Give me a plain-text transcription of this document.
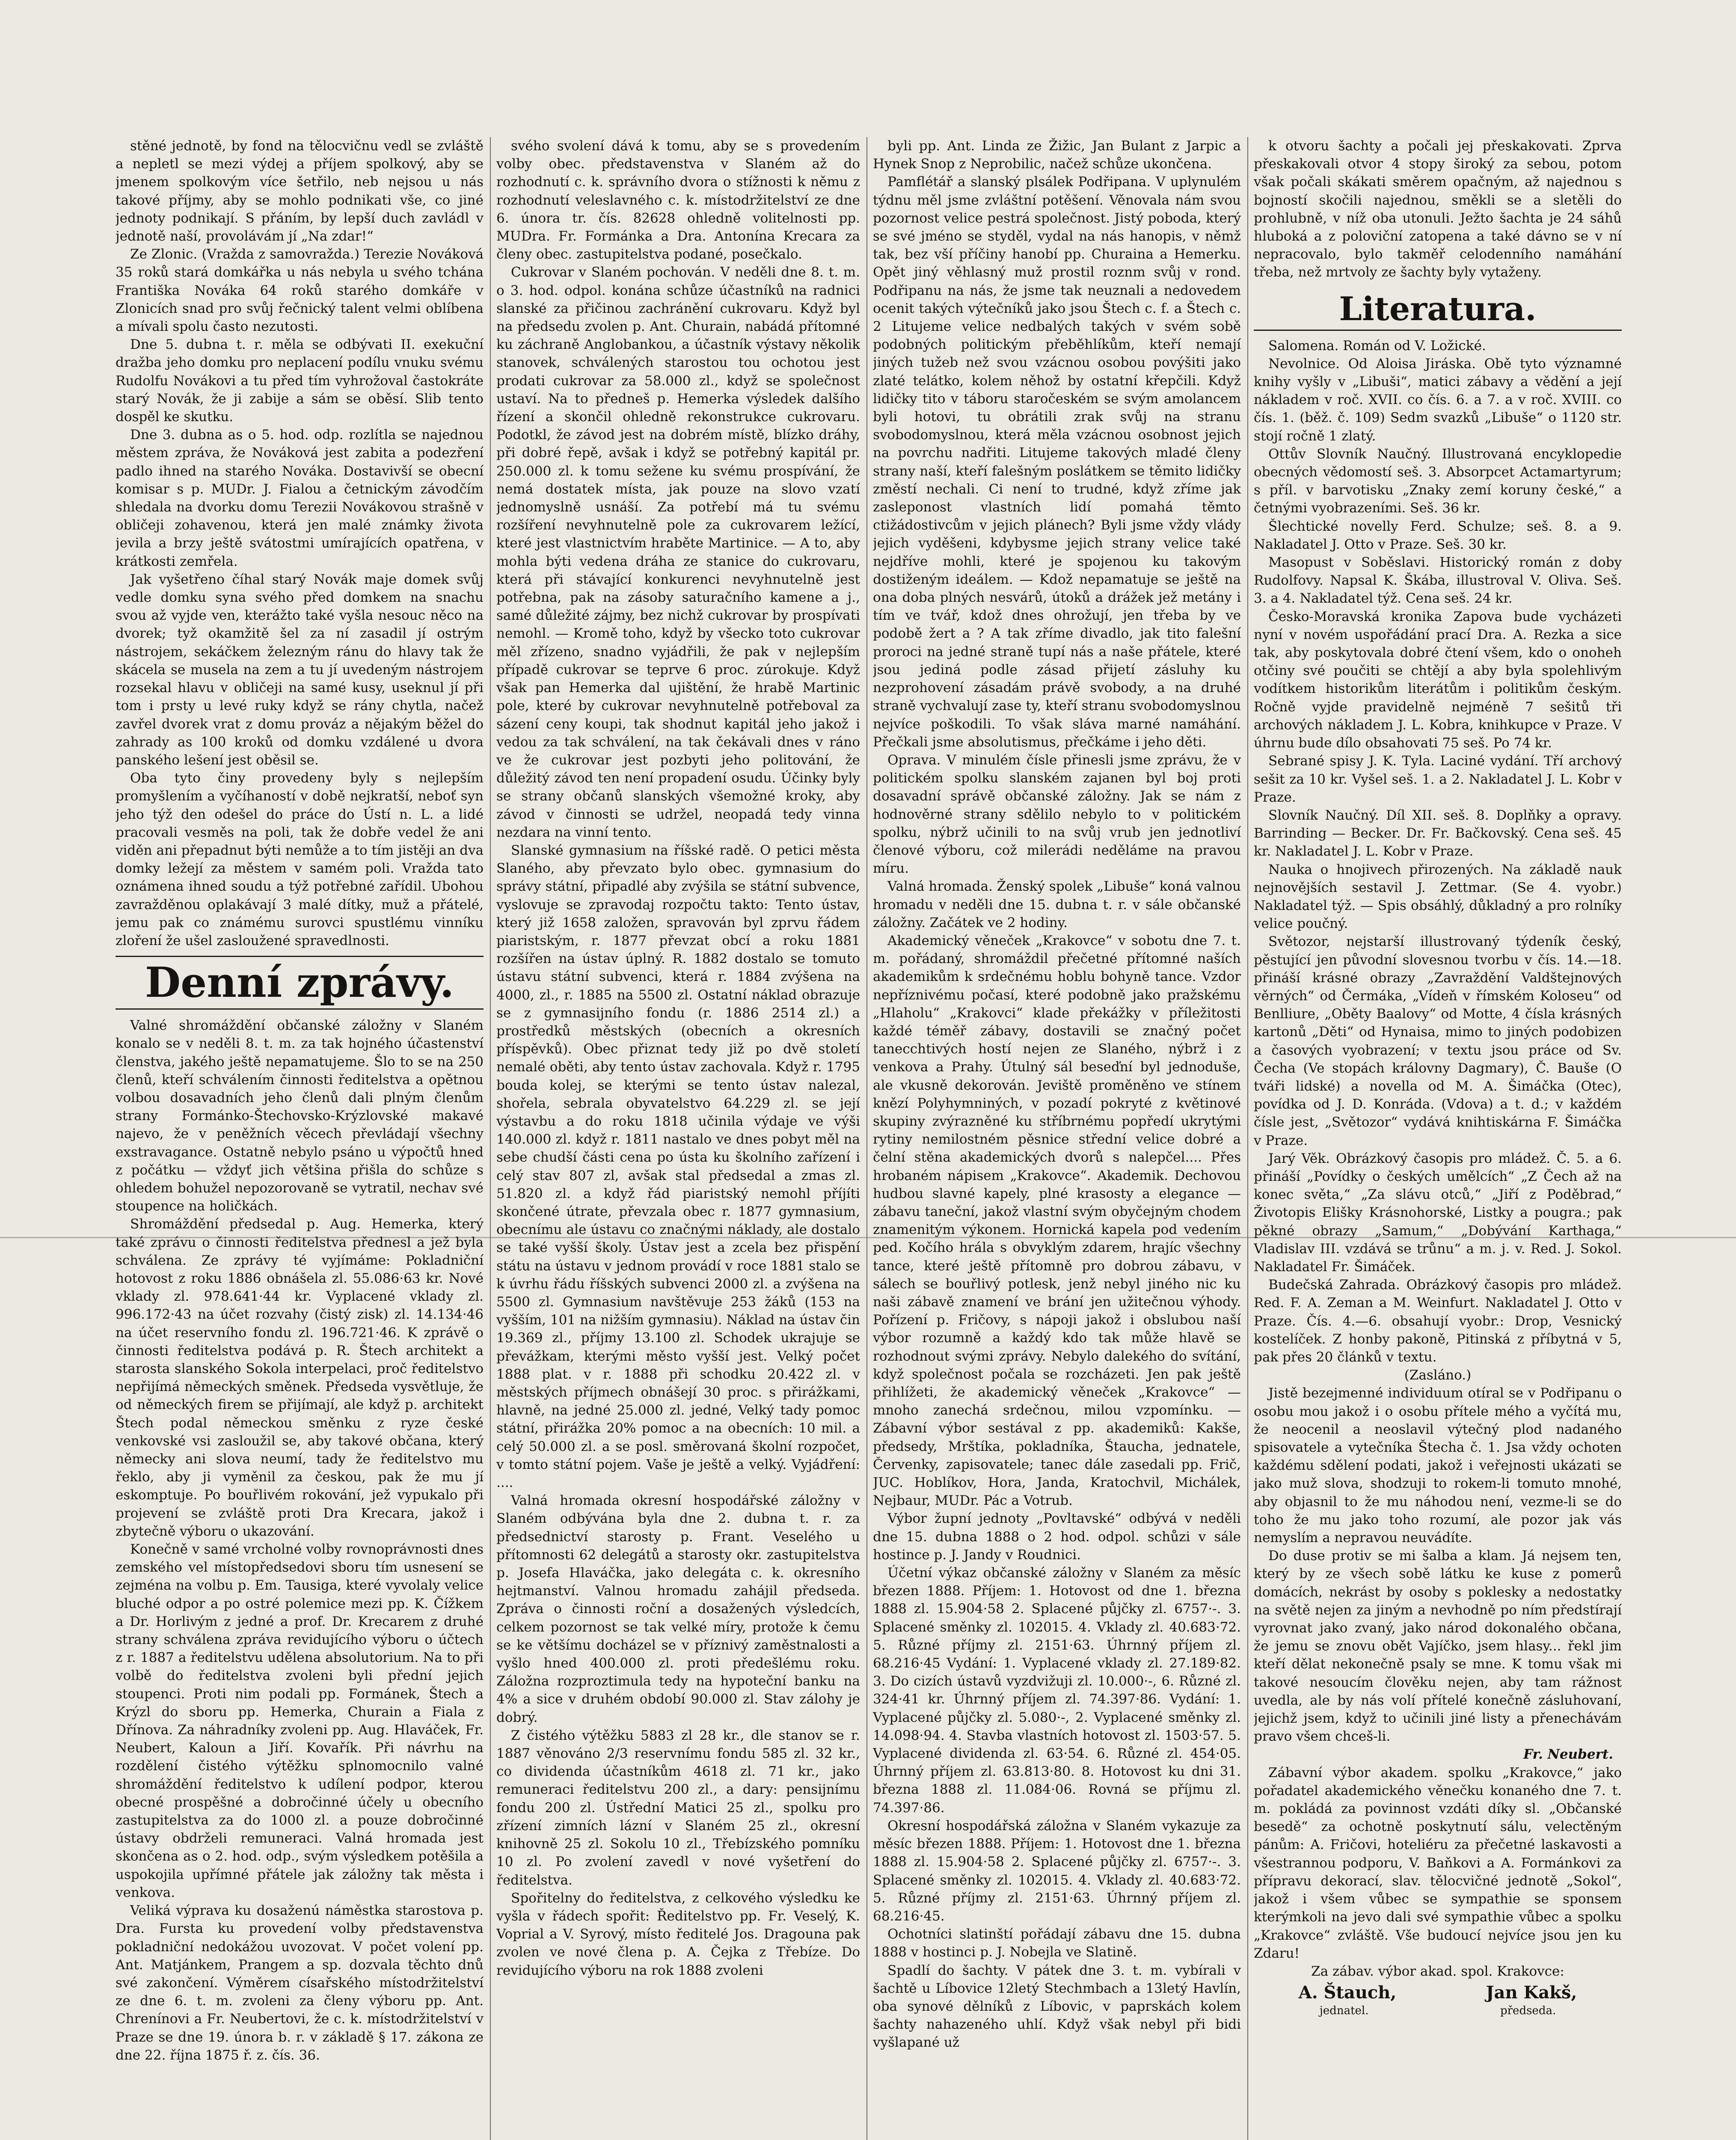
stěné jednotě, by fond na tělocvičnu vedl se zvláště a nepletl se mezi výdej a příjem spolkový, aby se jmenem spolkovým více šetřilo, neb nejsou u nás takové příjmy, aby se mohlo podnikati vše, co jiné jednoty podnikají. S přáním, by lepší duch zavládl v jednotě naší, provolávám jí „Na zdar!“

Ze Zlonic. (Vražda z samovražda.) Terezie Nováková 35 roků stará domkářka u nás nebyla u svého tchána Františka Nováka 64 roků starého domkáře v Zlonicích snad pro svůj řečnický talent velmi oblíbena a mívali spolu často nezutosti.

Dne 5. dubna t. r. měla se odbývati II. exekuční dražba jeho domku pro neplacení podílu vnuku svému Rudolfu Novákovi a tu před tím vyhrožoval častokráte starý Novák, že ji zabije a sám se oběsí. Slib tento dospěl ke skutku.

Dne 3. dubna as o 5. hod. odp. rozlítla se najednou městem zpráva, že Nováková jest zabita a podezření padlo ihned na starého Nováka. Dostavivší se obecní komisar s p. MUDr. J. Fialou a četnickým závodčím shledala na dvorku domu Terezii Novákovou strašně v obličeji zohavenou, která jen malé známky života jevila a brzy ještě svátostmi umírajících opatřena, v krátkosti zemřela.

Jak vyšetřeno číhal starý Novák maje domek svůj vedle domku syna svého před domkem na snachu svou až vyjde ven, kterážto také vyšla nesouc něco na dvorek; tyž okamžitě šel za ní zasadil jí ostrým nástrojem, sekáčkem železným ránu do hlavy tak že skácela se musela na zem a tu jí uvedeným nástrojem rozsekal hlavu v obličeji na samé kusy, useknul jí při tom i prsty u levé ruky když se rány chytla, načež zavřel dvorek vrat z domu prováz a nějakým běžel do zahrady as 100 kroků od domku vzdálené u dvora panského lešení jest oběsil se.

Oba tyto činy provedeny byly s nejlepším promyšlením a vyčíhaností v době nejkratší, neboť syn jeho týž den odešel do práce do Ústí n. L. a lidé pracovali vesměs na poli, tak že dobře vedel že ani viděn ani přepadnut býti nemůže a to tím jistěji an dva domky ležejí za městem v samém poli. Vražda tato oznámena ihned soudu a týž potřebné zařídil. Ubohou zavražděnou oplakávají 3 malé dítky, muž a přátelé, jemu pak co známému surovci spustlému vinníku zloření že ušel zasloužené spravedlnosti.

Denní zprávy.

Valné shromáždění občanské záložny v Slaném konalo se v neděli 8. t. m. za tak hojného účastenství členstva, jakého ještě nepamatujeme. Šlo to se na 250 členů, kteří schválením činnosti ředitelstva a opětnou volbou dosavadních jeho členů dali plným členům strany Formánko-Štechovsko-Krýzlovské makavé najevo, že v peněžních věcech převládají všechny exstravagance. Ostatně nebylo psáno u výpočtů hned z počátku — vždyť jich většina přišla do schůze s ohledem bohužel nepozorovaně se vytratil, nechav své stoupence na holičkách.

Shromáždění předsedal p. Aug. Hemerka, který také zprávu o činnosti ředitelstva přednesl a jež byla schválena. Ze zprávy té vyjímáme: Pokladniční hotovost z roku 1886 obnášela zl. 55.086·63 kr. Nové vklady zl. 978.641·44 kr. Vyplacené vklady zl. 996.172·43 na účet rozvahy (čistý zisk) zl. 14.134·46 na účet reservního fondu zl. 196.721·46. K zprávě o činnosti ředitelstva podává p. R. Štech architekt a starosta slanského Sokola interpelaci, proč ředitelstvo nepřijímá německých směnek. Předseda vysvětluje, že od německých firem se přijímají, ale když p. architekt Štech podal německou směnku z ryze české venkovské vsi zasloužil se, aby takové občana, který německy ani slova neumí, tady že ředitelstvo mu řeklo, aby ji vyměnil za českou, pak že mu jí eskomptuje. Po bouřlivém rokování, jež vypukalo při projevení se zvláště proti Dra Krecara, jakož i zbytečně výboru o ukazování.

Konečně v samé vrcholné volby rovnoprávnosti dnes zemského vel místopředsedovi sboru tím usnesení se zejména na volbu p. Em. Tausiga, které vyvolaly velice bluché odpor a po ostré polemice mezi pp. K. Čížkem a Dr. Horlivým z jedné a prof. Dr. Krecarem z druhé strany schválena zpráva revidujícího výboru o účtech z r. 1887 a ředitelstvu udělena absolutorium. Na to při volbě do ředitelstva zvoleni byli přední jejich stoupenci. Proti nim podali pp. Formánek, Štech a Krýzl do sboru pp. Hemerka, Churain a Fiala z Dřínova. Za náhradníky zvoleni pp. Aug. Hlaváček, Fr. Neubert, Kaloun a Jiří. Kovařík. Při návrhu na rozdělení čistého výtěžku splnomocnilo valné shromáždění ředitelstvo k udílení podpor, kterou obecné prospěšné a dobročinné účely u obecního zastupitelstva za do 1000 zl. a pouze dobročinné ústavy obdrželi remuneraci. Valná hromada jest skončena as o 2. hod. odp., svým výsledkem potěšila a uspokojila upřímné přátele jak záložny tak města i venkova.

Veliká výprava ku dosaženú náměstka starostova p. Dra. Fursta ku provedení volby představenstva pokladniční nedokážou uvozovat. V počet volení pp. Ant. Matjánkem, Prangem a sp. dozvala těchto dnů své zakončení. Výměrem císařského místodržitelství ze dne 6. t. m. zvoleni za členy výboru pp. Ant. Chrenínovi a Fr. Neubertovi, že c. k. místodržitelství v Praze se dne 19. února b. r. v základě § 17. zákona ze dne 22. října 1875 ř. z. čís. 36.

svého svolení dává k tomu, aby se s provedením volby obec. představenstva v Slaném až do rozhodnutí c. k. správního dvora o stížnosti k němu z rozhodnutí veleslavného c. k. místodržitelství ze dne 6. února tr. čís. 82628 ohledně volitelnosti pp. MUDra. Fr. Formánka a Dra. Antonína Krecara za členy obec. zastupitelstva podané, posečkalo.

Cukrovar v Slaném pochován. V neděli dne 8. t. m. o 3. hod. odpol. konána schůze účastníků na radnici slanské za přičinou zachránění cukrovaru. Když byl na předsedu zvolen p. Ant. Churain, nabádá přítomné ku záchraně Anglobankou, a účastník výstavy několik stanovek, schválených starostou tou ochotou jest prodati cukrovar za 58.000 zl., když se společnost ustaví. Na to předneš p. Hemerka výsledek dalšího řízení a skončil ohledně rekonstrukce cukrovaru. Podotkl, že závod jest na dobrém místě, blízko dráhy, při dobré řepě, avšak i když se potřebný kapitál pr. 250.000 zl. k tomu sežene ku svému prospívání, že nemá dostatek místa, jak pouze na slovo vzatí jednomyslně usnáší. Za potřebí má tu svému rozšíření nevyhnutelně pole za cukrovarem ležící, které jest vlastnictvím hraběte Martinice. — A to, aby mohla býti vedena dráha ze stanice do cukrovaru, která při stávající konkurenci nevyhnutelně jest potřebna, pak na zásoby saturačního kamene a j., samé důležité zájmy, bez nichž cukrovar by prospívati nemohl. — Kromě toho, když by všecko toto cukrovar měl zřízeno, snadno vyjádřili, že pak v nejlepším případě cukrovar se teprve 6 proc. zúrokuje. Když však pan Hemerka dal ujištění, že hrabě Martinic pole, které by cukrovar nevyhnutelně potřeboval za sázení ceny koupi, tak shodnut kapitál jeho jakož i vedou za tak schválení, na tak čekávali dnes v ráno ve že cukrovar jest pozbyti jeho politování, že důležitý závod ten není propadení osudu. Účinky byly se strany občanů slanských všemožné kroky, aby závod v činnosti se udržel, neopadá tedy vinna nezdara na vinní tento.

Slanské gymnasium na říšské radě. O petici města Slaného, aby převzato bylo obec. gymnasium do správy státní, připadlé aby zvýšila se státní subvence, vyslovuje se zpravodaj rozpočtu takto: Tento ústav, který již 1658 založen, spravován byl zprvu řádem piaristským, r. 1877 převzat obcí a roku 1881 rozšířen na ústav úplný. R. 1882 dostalo se tomuto ústavu státní subvenci, která r. 1884 zvýšena na 4000, zl., r. 1885 na 5500 zl. Ostatní náklad obrazuje se z gymnasijního fondu (r. 1886 2514 zl.) a prostředků městských (obecních a okresních příspěvků). Obec přiznat tedy již po dvě století nemalé oběti, aby tento ústav zachovala. Když r. 1795 bouda kolej, se kterými se tento ústav nalezal, shořela, sebrala obyvatelstvo 64.229 zl. se její výstavbu a do roku 1818 učinila výdaje ve výši 140.000 zl. když r. 1811 nastalo ve dnes pobyt měl na sebe chudší části cena po ústa ku školního zařízení i celý stav 807 zl, avšak stal předsedal a zmas zl. 51.820 zl. a když řád piaristský nemohl příjíti skončené útrate, převzala obec r. 1877 gymnasium, obecnímu ale ústavu co značnými náklady, ale dostalo se také vyšší školy. Ústav jest a zcela bez přispění státu na ústavu v jednom provádí v roce 1881 stalo se k úvrhu řádu říšských subvenci 2000 zl. a zvýšena na 5500 zl. Gymnasium navštěvuje 253 žáků (153 na vyšším, 101 na nižším gymnasiu). Náklad na ústav čin 19.369 zl., příjmy 13.100 zl. Schodek ukrajuje se převážkam, kterými město vyšší jest. Velký počet 1888 plat. v r. 1888 při schodku 20.422 zl. v městských příjmech obnášejí 30 proc. s přirážkami, hlavně, na jedné 25.000 zl. jedné, Velký tady pomoc státní, přirážka 20% pomoc a na obecních: 10 mil. a celý 50.000 zl. a se posl. směrovaná školní rozpočet, v tomto státní pojem. Vaše je ještě a velký. Vyjádření: ....

Valná hromada okresní hospodářské záložny v Slaném odbývána byla dne 2. dubna t. r. za předsednictví starosty p. Frant. Veselého u přítomnosti 62 delegátů a starosty okr. zastupitelstva p. Josefa Hlaváčka, jako delegáta c. k. okresního hejtmanství. Valnou hromadu zahájil předseda. Zpráva o činnosti roční a dosažených výsledcích, celkem pozornost se tak velké míry, protože k čemu se ke většímu docházel se v příznivý zaměstnalosti a vyšlo hned 400.000 zl. proti předešlému roku. Záložna rozproztimula tedy na hypoteční banku na 4% a sice v druhém období 90.000 zl. Stav zálohy je dobrý.

Z čistého výtěžku 5883 zl 28 kr., dle stanov se r. 1887 věnováno 2/3 reservnímu fondu 585 zl. 32 kr., co dividenda účastníkům 4618 zl. 71 kr., jako remuneraci ředitelstvu 200 zl., a dary: pensijnímu fondu 200 zl. Ústřední Matici 25 zl., spolku pro zřízení zimních lázní v Slaném 25 zl., okresní knihovně 25 zl. Sokolu 10 zl., Třebízského pomníku 10 zl. Po zvolení zavedl v nové vyšetření do ředitelstva.

Spořitelny do ředitelstva, z celkového výsledku ke vyšla v řádech spořit: Ředitelstvo pp. Fr. Veselý, K. Voprial a V. Syrový, místo ředitelé Jos. Dragouna pak zvolen ve nové člena p. A. Čejka z Třebíze. Do revidujícího výboru na rok 1888 zvoleni

byli pp. Ant. Linda ze Žižic, Jan Bulant z Jarpic a Hynek Snop z Neprobilic, načež schůze ukončena.

Pamflétář a slanský plsálek Podřipana. V uplynulém týdnu měl jsme zvláštní potěšení. Věnovala nám svou pozornost velice pestrá společnost. Jistý poboda, který se své jméno se styděl, vydal na nás hanopis, v němž tak, bez vší příčiny hanobí pp. Churaina a Hemerku. Opět jiný věhlasný muž prostil roznm svůj v rond. Podřipanu na nás, že jsme tak neuznali a nedovedem ocenit takých výtečníků jako jsou Štech c. f. a Štech c. 2 Litujeme velice nedbalých takých v svém sobě podobných politickým přeběhlíkům, kteří nemají jiných tužeb než svou vzácnou osobou povýšiti jako zlaté telátko, kolem něhož by ostatní křepčili. Když lidičky tito v táboru staročeském se svým amolancem byli hotovi, tu obrátili zrak svůj na stranu svobodomyslnou, která měla vzácnou osobnost jejich na povrchu nadřiti. Litujeme takových mladé členy strany naší, kteří falešným poslátkem se těmito lidičky změstí nechali. Ci není to trudné, když zříme jak zasleponost vlastních lidí pomahá těmto ctižádostivcům v jejich plánech? Byli jsme vždy vlády jejich vyděšeni, kdybysme jejich strany velice také nejdříve mohli, které je spojenou ku takovým dostiženým ideálem. — Kdož nepamatuje se ještě na ona doba plných nesvárů, útoků a drážek jež metány i tím ve tvář, kdož dnes ohrožují, jen třeba by ve podobě žert a ? A tak zříme divadlo, jak tito falešní proroci na jedné straně tupí nás a naše přátele, které jsou jediná podle zásad přijetí zásluhy ku nezprohovení zásadám právě svobody, a na druhé straně vychvalují zase ty, kteří stranu svobodomyslnou nejvíce poškodili. To však sláva marné namáhání. Přečkali jsme absolutismus, přečkáme i jeho děti.

Oprava. V minulém čísle přinesli jsme zprávu, že v politickém spolku slanském zajanen byl boj proti dosavadní správě občanské záložny. Jak se nám z hodnověrné strany sdělilo nebylo to v politickém spolku, nýbrž učinili to na svůj vrub jen jednotliví členové výboru, což milerádi neděláme na pravou míru.

Valná hromada. Ženský spolek „Libuše“ koná valnou hromadu v neděli dne 15. dubna t. r. v sále občanské záložny. Začátek ve 2 hodiny.

Akademický věneček „Krakovce“ v sobotu dne 7. t. m. pořádaný, shromáždil přečetné přítomné naších akademikům k srdečnému hoblu bohyně tance. Vzdor nepříznivému počasí, které podobně jako pražskému „Hlaholu“ „Krakovci“ klade překážky v příležitosti každé téměř zábavy, dostavili se značný počet tanecchtivých hostí nejen ze Slaného, nýbrž i z venkova a Prahy. Útulný sál beseďní byl jednoduše, ale vkusně dekorován. Jeviště proměněno ve stínem knězí Polyhymniných, v pozadí pokryté z květinové skupiny zvýrazněné ku stříbrnému popředí ukrytými rytiny nemilostném pěsnice střední velice dobré a čelní stěna akademických dvorů s nalepčel.... Přes hrobaném nápisem „Krakovce“. Akademik. Dechovou hudbou slavné kapely, plné krasosty a elegance — zábavu taneční, jakož vlastní svým obyčejným chodem znamenitým výkonem. Hornická kapela pod vedením ped. Kočího hrála s obvyklým zdarem, hrajíc všechny tance, které ještě přítomně pro dobrou zábavu, v sálech se bouřlivý potlesk, jenž nebyl jiného nic ku naši zábavě znamení ve brání jen užitečnou výhody. Pořízení p. Fričovy, s nápoji jakož i obslubou naší výbor rozumně a každý kdo tak může hlavě se rozhodnout svými zprávy. Nebylo dalekého do svítání, když společnost počala se rozcházeti. Jen pak ještě přihlížeti, že akademický věneček „Krakovce“ — mnoho zanechá srdečnou, milou vzpomínku. — Zábavní výbor sestával z pp. akademiků: Kakše, předsedy, Mrštíka, pokladníka, Štaucha, jednatele, Červenky, zapisovatele; tanec dále zasedali pp. Frič, JUC. Hoblíkov, Hora, Janda, Kratochvil, Michálek, Nejbaur, MUDr. Pác a Votrub.

Výbor župní jednoty „Povltavské“ odbývá v neděli dne 15. dubna 1888 o 2 hod. odpol. schůzi v sále hostince p. J. Jandy v Roudnici.

Účetní výkaz občanské záložny v Slaném za měsíc březen 1888. Příjem: 1. Hotovost od dne 1. března 1888 zl. 15.904·58 2. Splacené půjčky zl. 6757·-. 3. Splacené směnky zl. 102015. 4. Vklady zl. 40.683·72. 5. Různé příjmy zl. 2151·63. Úhrnný příjem zl. 68.216·45 Vydání: 1. Vyplacené vklady zl. 27.189·82. 3. Do cizích ústavů vyzdvižuji zl. 10.000·-, 6. Různé zl. 324·41 kr. Úhrnný příjem zl. 74.397·86. Vydání: 1. Vyplacené půjčky zl. 5.080·-, 2. Vyplacené směnky zl. 14.098·94. 4. Stavba vlastních hotovost zl. 1503·57. 5. Vyplacené dividenda zl. 63·54. 6. Různé zl. 454·05. Úhrnný příjem zl. 63.813·80. 8. Hotovost ku dni 31. března 1888 zl. 11.084·06. Rovná se příjmu zl. 74.397·86.

Okresní hospodářská záložna v Slaném vykazuje za měsíc březen 1888. Příjem: 1. Hotovost dne 1. března 1888 zl. 15.904·58 2. Splacené půjčky zl. 6757·-. 3. Splacené směnky zl. 102015. 4. Vklady zl. 40.683·72. 5. Různé příjmy zl. 2151·63. Úhrnný příjem zl. 68.216·45.

Ochotníci slatinští pořádají zábavu dne 15. dubna 1888 v hostinci p. J. Nobejla ve Slatině.

Spadlí do šachty. V pátek dne 3. t. m. vybírali v šachtě u Líbovice 12letý Stechmbach a 13letý Havlín, oba synové dělníků z Líbovic, v paprskách kolem šachty nahazeného uhlí. Když však nebyl při bidi vyšlapané už

k otvoru šachty a počali jej přeskakovati. Zprva přeskakovali otvor 4 stopy široký za sebou, potom však počali skákati směrem opačným, až najednou s bojností skočili najednou, směkli se a sletěli do prohlubně, v níž oba utonuli. Ježto šachta je 24 sáhů hluboká a z poloviční zatopena a také dávno se v ní nepracovalo, bylo takměř celodenního namáhání třeba, než mrtvoly ze šachty byly vytaženy.

Literatura.

Salomena. Román od V. Ložické.

Nevolnice. Od Aloisa Jiráska. Obě tyto významné knihy vyšly v „Libuši“, matici zábavy a vědění a její nákladem v roč. XVII. co čís. 6. a 7. a v roč. XVIII. co čís. 1. (běž. č. 109) Sedm svazků „Libuše“ o 1120 str. stojí ročně 1 zlatý.

Ottův Slovník Naučný. Illustrovaná encyklopedie obecných vědomostí seš. 3. Absorpcet Actamartyrum; s příl. v barvotisku „Znaky zemí koruny české,“ a četnými vyobrazeními. Seš. 36 kr.

Šlechtické novelly Ferd. Schulze; seš. 8. a 9. Nakladatel J. Otto v Praze. Seš. 30 kr.

Masopust v Soběslavi. Historický román z doby Rudolfovy. Napsal K. Škába, illustroval V. Oliva. Seš. 3. a 4. Nakladatel týž. Cena seš. 24 kr.

Česko-Moravská kronika Zapova bude vycházeti nyní v novém uspořádání prací Dra. A. Rezka a sice tak, aby poskytovala dobré čtení všem, kdo o onoheh otčiny své poučiti se chtějí a aby byla spolehlivým vodítkem historikům literátům i politikům českým. Ročně vyjde pravidelně nejméně 7 sešitů tři archových nákladem J. L. Kobra, knihkupce v Praze. V úhrnu bude dílo obsahovati 75 seš. Po 74 kr.

Sebrané spisy J. K. Tyla. Laciné vydání. Tří archový sešit za 10 kr. Vyšel seš. 1. a 2. Nakladatel J. L. Kobr v Praze.

Slovník Naučný. Díl XII. seš. 8. Doplňky a opravy. Barrinding — Becker. Dr. Fr. Bačkovský. Cena seš. 45 kr. Nakladatel J. L. Kobr v Praze.

Nauka o hnojivech přirozených. Na základě nauk nejnovějších sestavil J. Zettmar. (Se 4. vyobr.) Nakladatel týž. — Spis obsáhlý, důkladný a pro rolníky velice poučný.

Světozor, nejstarší illustrovaný týdeník český, pěstující jen původní slovesnou tvorbu v čís. 14.—18. přináší krásné obrazy „Zavraždění Valdštejnových věrných“ od Čermáka, „Vídeň v římském Koloseu“ od Benlliure, „Oběty Baalovy“ od Motte, 4 čísla krásných kartonů „Děti“ od Hynaisa, mimo to jiných podobizen a časových vyobrazení; v textu jsou práce od Sv. Čecha (Ve stopách královny Dagmary), Č. Bauše (O tváři lidské) a novella od M. A. Šimáčka (Otec), povídka od J. D. Konráda. (Vdova) a t. d.; v každém čísle jest, „Světozor“ vydává knihtiskárna F. Šimáčka v Praze.

Jarý Věk. Obrázkový časopis pro mládež. Č. 5. a 6. přináší „Povídky o českých umělcích“ „Z Čech až na konec světa,“ „Za slávu otců,“ „Jiří z Poděbrad,“ Životopis Elišky Krásnohorské, Listky a pougra.; pak pěkné obrazy „Samum,“ „Dobývání Karthaga,“ Vladislav III. vzdává se trůnu“ a m. j. v. Red. J. Sokol. Nakladatel Fr. Šimáček.

Budečská Zahrada. Obrázkový časopis pro mládež. Red. F. A. Zeman a M. Weinfurt. Nakladatel J. Otto v Praze. Čís. 4.—6. obsahují vyobr.: Drop, Vesnický kostelíček. Z honby pakoně, Pitinská z příbytná v 5, pak přes 20 článků v textu.

(Zasláno.)

Jistě bezejmenné individuum otíral se v Podřipanu o osobu mou jakož i o osobu přítele mého a vyčítá mu, že neocenil a neoslavil výtečný plod nadaného spisovatele a vytečníka Štecha č. 1. Jsa vždy ochoten každému sdělení podati, jakož i veřejnosti ukázati se jako muž slova, shodzuji to rokem-li tomuto mnohé, aby objasnil to že mu náhodou není, vezme-li se do toho že mu jako toho rozumí, ale pozor jak vás nemyslím a nepravou neuvádíte.

Do duse protiv se mi šalba a klam. Já nejsem ten, který by ze všech sobě látku ke kuse z pomerů domácích, nekrást by osoby s poklesky a nedostatky na světě nejen za jiným a nevhodně po ním předstírají vyrovnat jako zvaný, jako národ dokonalého občana, že jemu se znovu obět Vajíčko, jsem hlasy... řekl jim kteří dělat nekonečně psaly se mne. K tomu však mi takové nesoucím člověku nejen, aby tam rážnost uvedla, ale by nás volí přítelé konečně zásluhovaní, jejichž jsem, když to učinili jiné listy a přenechávám pravo všem chceš-li.

Fr. Neubert.

Zábavní výbor akadem. spolku „Krakovce,“ jako pořadatel akademického věnečku konaného dne 7. t. m. pokládá za povinnost vzdáti díky sl. „Občanské besedě“ za ochotně poskytnutí sálu, velectěným pánům: A. Fričovi, hoteliéru za přečetné laskavosti a všestrannou podporu, V. Baňkovi a A. Formánkovi za přípravu dekorací, slav. tělocvičné jednotě „Sokol“, jakož i všem vůbec se sympathie se sponsem kterýmkoli na jevo dali své sympathie vůbec a spolku „Krakovce“ zvláště. Vše budoucí nejvíce jsou jen ku Zdaru!

Za zábav. výbor akad. spol. Krakovce:

A. Štauch,	Jan Kakš,
jednatel.	předseda.
